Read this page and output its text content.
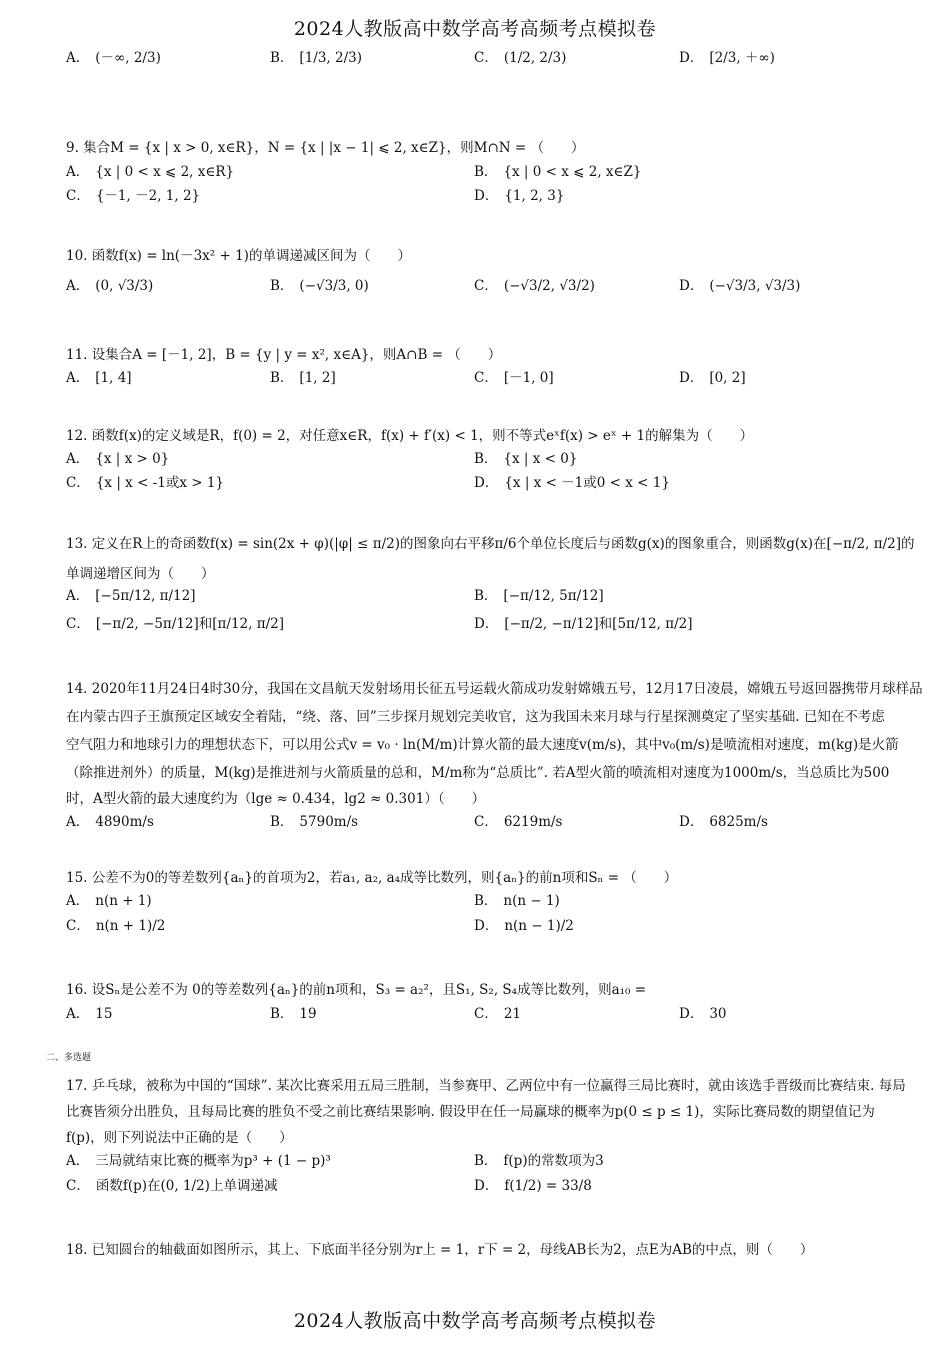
2024人教版高中数学高考高频考点模拟卷
A． (－∞, 2/3)	B． [1/3, 2/3)	C． (1/2, 2/3)	D． [2/3, ＋∞)
9. 集合M = {x | x > 0, x∈R}，N = {x | |x − 1| ⩽ 2, x∈Z}，则M∩N = （　　）
A． {x | 0 < x ⩽ 2, x∈R}	B． {x | 0 < x ⩽ 2, x∈Z}
C． {－1, －2, 1, 2}	D． {1, 2, 3}
10. 函数f(x) = ln(－3x² + 1)的单调递减区间为（　　）
A． (0, √3/3)	B． (−√3/3, 0)	C． (−√3/2, √3/2)	D． (−√3/3, √3/3)
11. 设集合A = [－1, 2]，B = {y | y = x², x∈A}，则A∩B = （　　）
A． [1, 4]	B． [1, 2]	C． [－1, 0]	D． [0, 2]
12. 函数f(x)的定义域是R，f(0) = 2，对任意x∈R，f(x) + f′(x) < 1，则不等式eˣf(x) > eˣ + 1的解集为（　　）
A． {x | x > 0}	B． {x | x < 0}
C． {x | x < -1或x > 1}	D． {x | x < －1或0 < x < 1}
13. 定义在R上的奇函数f(x) = sin(2x + φ)(|φ| ≤ π/2)的图象向右平移π/6个单位长度后与函数g(x)的图象重合，则函数g(x)在[−π/2, π/2]的
单调递增区间为（　　）
A． [−5π/12, π/12]	B． [−π/12, 5π/12]
C． [−π/2, −5π/12]和[π/12, π/2]	D． [−π/2, −π/12]和[5π/12, π/2]
14. 2020年11月24日4时30分，我国在文昌航天发射场用长征五号运载火箭成功发射嫦娥五号，12月17日凌晨，嫦娥五号返回器携带月球样品
在内蒙古四子王旗预定区域安全着陆，“绕、落、回”三步探月规划完美收官，这为我国未来月球与行星探测奠定了坚实基础. 已知在不考虑
空气阻力和地球引力的理想状态下，可以用公式v = v₀ · ln(M/m)计算火箭的最大速度v(m/s)，其中v₀(m/s)是喷流相对速度，m(kg)是火箭
（除推进剂外）的质量，M(kg)是推进剂与火箭质量的总和，M/m称为“总质比”. 若A型火箭的喷流相对速度为1000m/s，当总质比为500
时，A型火箭的最大速度约为（lge ≈ 0.434，lg2 ≈ 0.301）（　　）
A． 4890m/s	B． 5790m/s	C． 6219m/s	D． 6825m/s
15. 公差不为0的等差数列{aₙ}的首项为2，若a₁, a₂, a₄成等比数列，则{aₙ}的前n项和Sₙ = （　　）
A． n(n + 1)	B． n(n − 1)
C． n(n + 1)/2	D． n(n − 1)/2
16. 设Sₙ是公差不为 0的等差数列{aₙ}的前n项和，S₃ = a₂²，且S₁, S₂, S₄成等比数列，则a₁₀ =
A． 15	B． 19	C． 21	D． 30
二、多选题
17. 乒乓球，被称为中国的“国球”. 某次比赛采用五局三胜制，当参赛甲、乙两位中有一位赢得三局比赛时，就由该选手晋级而比赛结束. 每局
比赛皆须分出胜负，且每局比赛的胜负不受之前比赛结果影响. 假设甲在任一局赢球的概率为p(0 ≤ p ≤ 1)，实际比赛局数的期望值记为
f(p)，则下列说法中正确的是（　　）
A． 三局就结束比赛的概率为p³ + (1 − p)³	B． f(p)的常数项为3
C． 函数f(p)在(0, 1/2)上单调递减	D． f(1/2) = 33/8
18. 已知圆台的轴截面如图所示，其上、下底面半径分别为r上 = 1，r下 = 2，母线AB长为2，点E为AB的中点，则（　　）
2024人教版高中数学高考高频考点模拟卷
